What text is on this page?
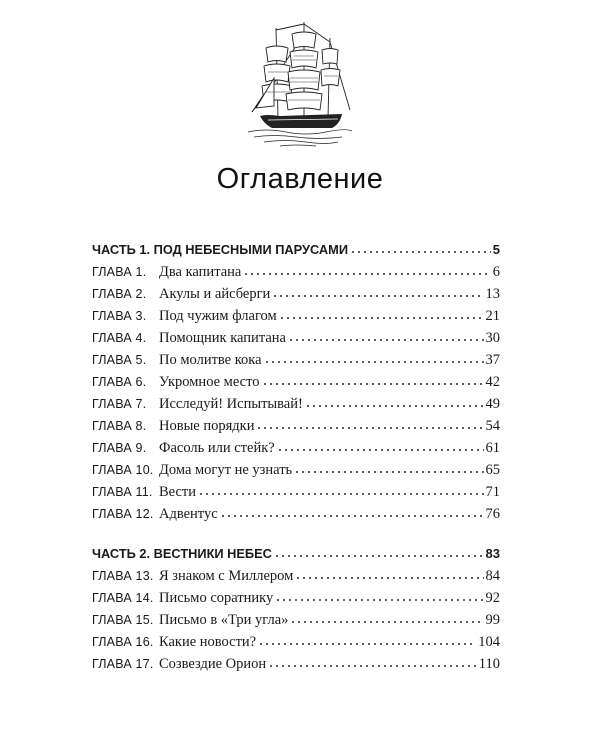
Оглавление
ЧАСТЬ 1. ПОД НЕБЕСНЫМИ ПАРУСАМИ	5
ГЛАВА 1. Два капитана	6
ГЛАВА 2. Акулы и айсберги	13
ГЛАВА 3. Под чужим флагом	21
ГЛАВА 4. Помощник капитана	30
ГЛАВА 5. По молитве кока	37
ГЛАВА 6. Укромное место	42
ГЛАВА 7. Исследуй! Испытывай!	49
ГЛАВА 8. Новые порядки	54
ГЛАВА 9. Фасоль или стейк?	61
ГЛАВА 10. Дома могут не узнать	65
ГЛАВА 11. Вести	71
ГЛАВА 12. Адвентус	76
ЧАСТЬ 2. ВЕСТНИКИ НЕБЕС	83
ГЛАВА 13. Я знаком с Миллером	84
ГЛАВА 14. Письмо соратнику	92
ГЛАВА 15. Письмо в «Три угла»	99
ГЛАВА 16. Какие новости?	104
ГЛАВА 17. Созвездие Орион	110
